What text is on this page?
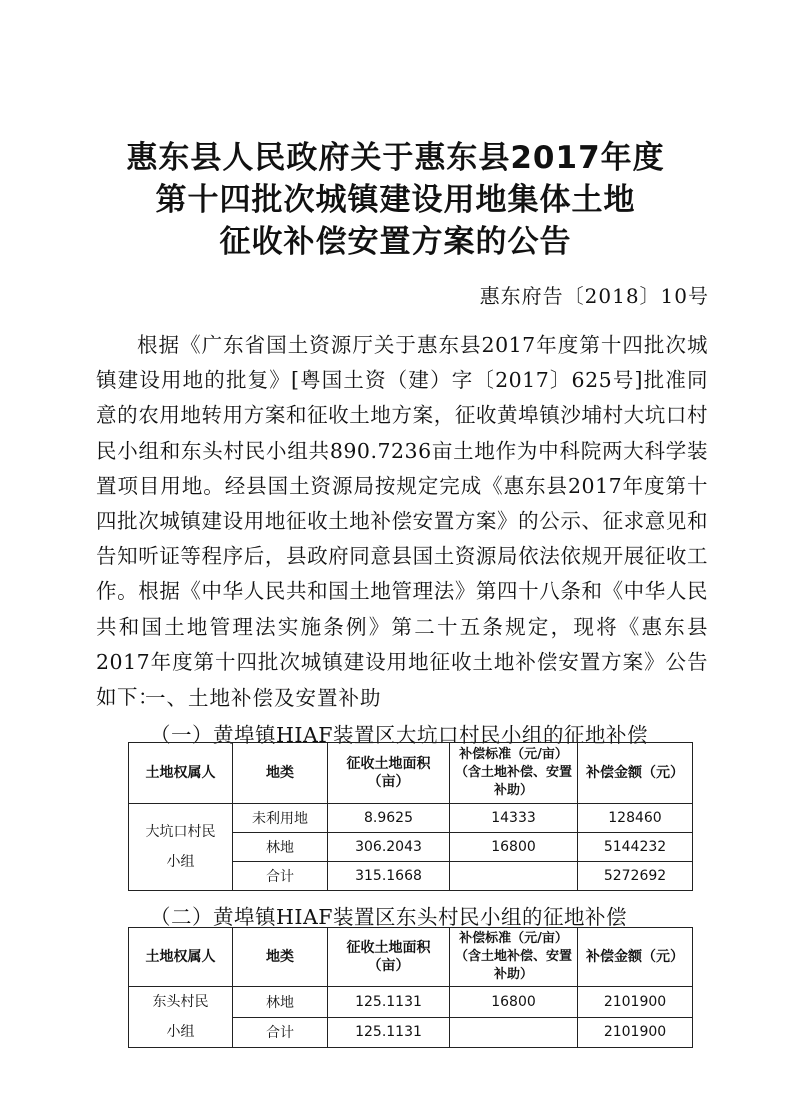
惠东县人民政府关于惠东县2017年度
第十四批次城镇建设用地集体土地
征收补偿安置方案的公告
惠东府告〔2018〕10号
根据《广东省国土资源厅关于惠东县2017年度第十四批次城镇建设用地的批复》[粤国土资（建）字〔2017〕625号]批准同意的农用地转用方案和征收土地方案，征收黄埠镇沙埔村大坑口村民小组和东头村民小组共890.7236亩土地作为中科院两大科学装置项目用地。经县国土资源局按规定完成《惠东县2017年度第十四批次城镇建设用地征收土地补偿安置方案》的公示、征求意见和告知听证等程序后，县政府同意县国土资源局依法依规开展征收工作。根据《中华人民共和国土地管理法》第四十八条和《中华人民共和国土地管理法实施条例》第二十五条规定，现将《惠东县2017年度第十四批次城镇建设用地征收土地补偿安置方案》公告如下：
一、土地补偿及安置补助
（一）黄埠镇HIAF装置区大坑口村民小组的征地补偿
土地权属人	地类	征收土地面积（亩）	补偿标准（元/亩）（含土地补偿、安置补助）	补偿金额（元）
大坑口村民小组	未利用地	8.9625	14333	128460
	林地	306.2043	16800	5144232
	合计	315.1668		5272692
（二）黄埠镇HIAF装置区东头村民小组的征地补偿
土地权属人	地类	征收土地面积（亩）	补偿标准（元/亩）（含土地补偿、安置补助）	补偿金额（元）
东头村民小组	林地	125.1131	16800	2101900
	合计	125.1131		2101900
